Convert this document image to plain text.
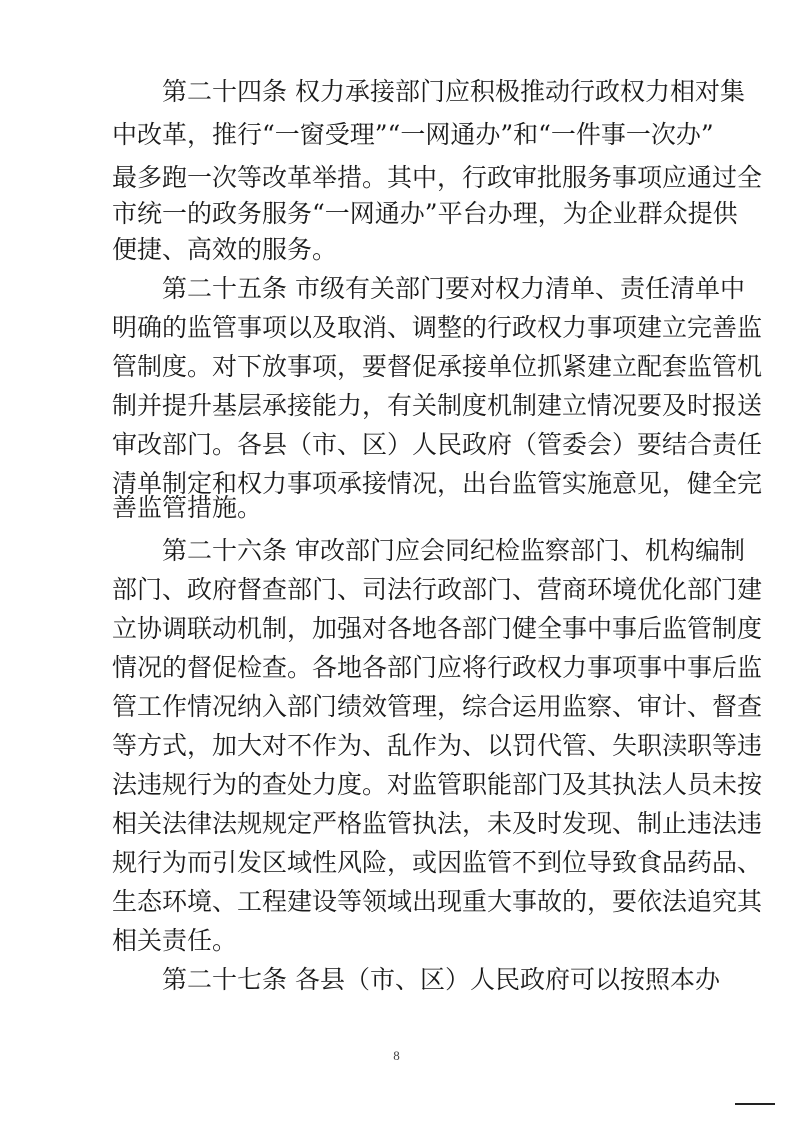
第二十四条 权力承接部门应积极推动行政权力相对集
中改革，推行“一窗受理”“一网通办”和“一件事一次办”
最多跑一次等改革举措。其中，行政审批服务事项应通过全
市统一的政务服务“一网通办”平台办理，为企业群众提供
便捷、高效的服务。
第二十五条 市级有关部门要对权力清单、责任清单中
明确的监管事项以及取消、调整的行政权力事项建立完善监
管制度。对下放事项，要督促承接单位抓紧建立配套监管机
制并提升基层承接能力，有关制度机制建立情况要及时报送
审改部门。各县（市、区）人民政府（管委会）要结合责任
清单制定和权力事项承接情况，出台监管实施意见，健全完
善监管措施。
第二十六条 审改部门应会同纪检监察部门、机构编制
部门、政府督查部门、司法行政部门、营商环境优化部门建
立协调联动机制，加强对各地各部门健全事中事后监管制度
情况的督促检查。各地各部门应将行政权力事项事中事后监
管工作情况纳入部门绩效管理，综合运用监察、审计、督查
等方式，加大对不作为、乱作为、以罚代管、失职渎职等违
法违规行为的查处力度。对监管职能部门及其执法人员未按
相关法律法规规定严格监管执法，未及时发现、制止违法违
规行为而引发区域性风险，或因监管不到位导致食品药品、
生态环境、工程建设等领域出现重大事故的，要依法追究其
相关责任。
第二十七条 各县（市、区）人民政府可以按照本办
8
